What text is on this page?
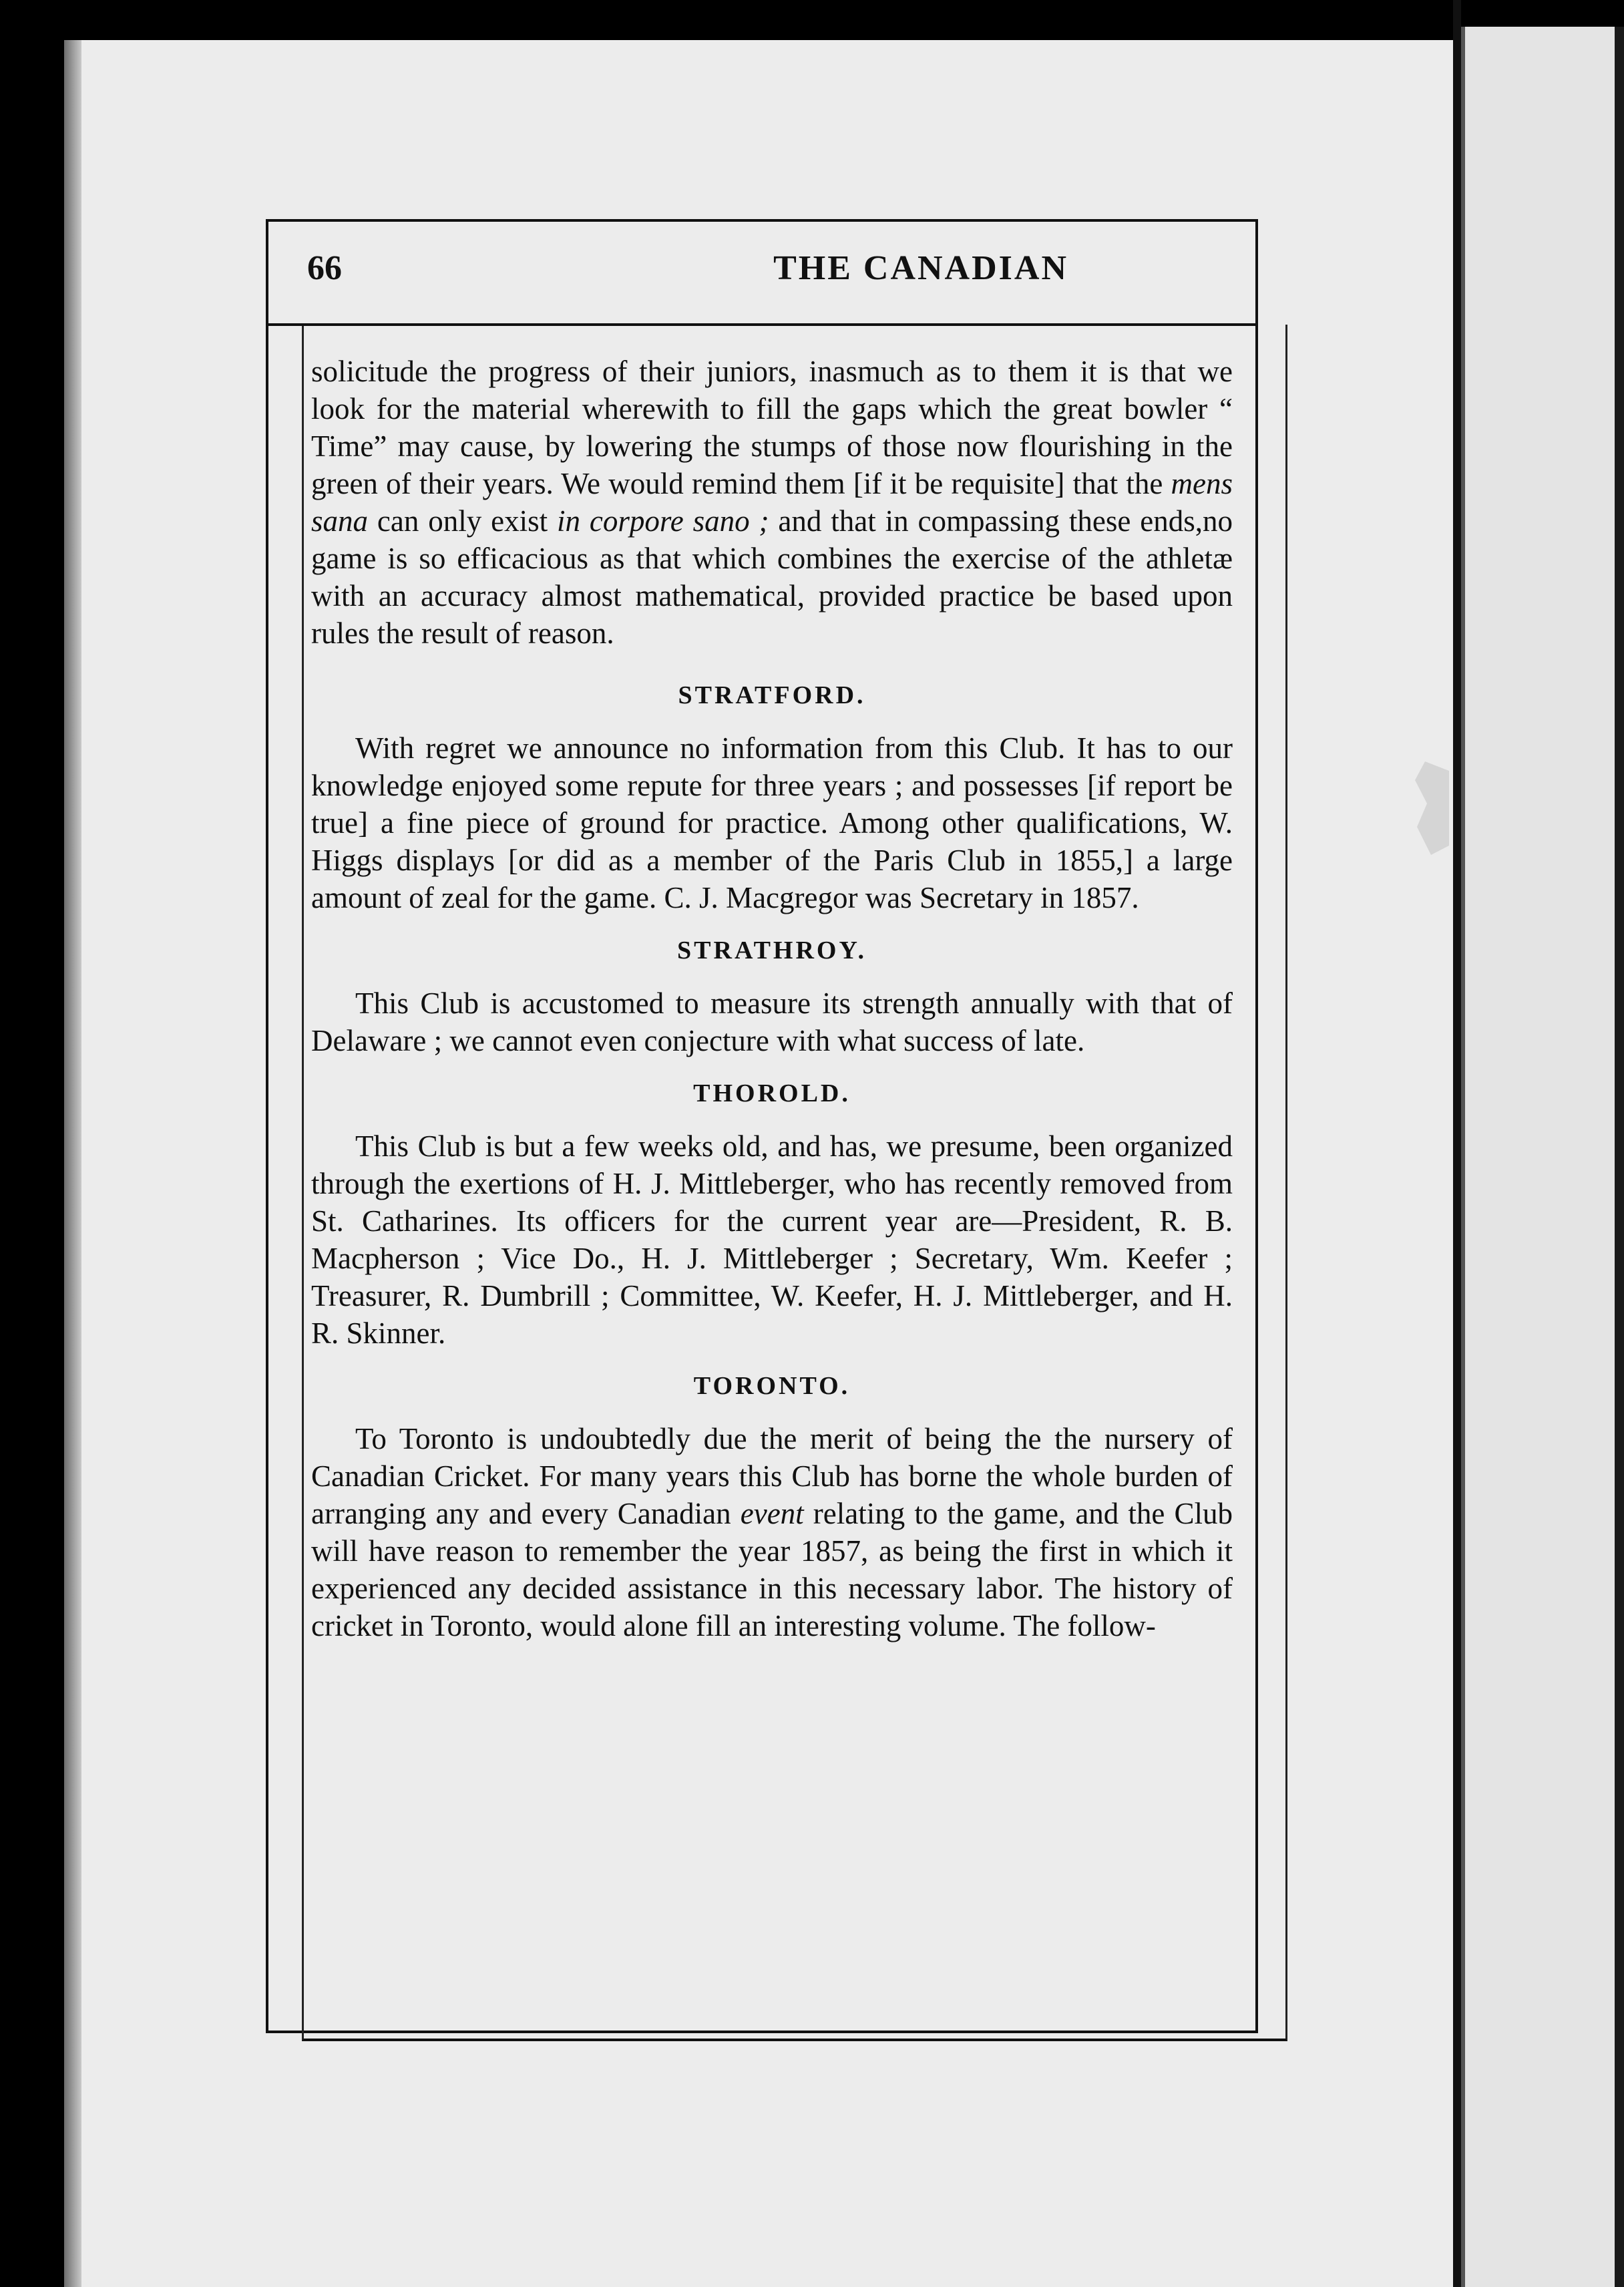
66	THE CANADIAN

solicitude the progress of their juniors, inasmuch as to them it is that we look for the material wherewith to fill the gaps which the great bowler “ Time” may cause, by lowering the stumps of those now flourishing in the green of their years. We would remind them [if it be requisite] that the mens sana can only exist in corpore sano ; and that in compassing these ends,no game is so efficacious as that which combines the exercise of the athletæ with an accuracy almost mathematical, provided practice be based upon rules the result of reason.

STRATFORD.

With regret we announce no information from this Club. It has to our knowledge enjoyed some repute for three years ; and possesses [if report be true] a fine piece of ground for practice. Among other qualifications, W. Higgs displays [or did as a member of the Paris Club in 1855,] a large amount of zeal for the game. C. J. Macgregor was Secretary in 1857.

STRATHROY.

This Club is accustomed to measure its strength annually with that of Delaware ; we cannot even conjecture with what success of late.

THOROLD.

This Club is but a few weeks old, and has, we presume, been organized through the exertions of H. J. Mittleberger, who has recently removed from St. Catharines. Its officers for the current year are—President, R. B. Macpherson ; Vice Do., H. J. Mittleberger ; Secretary, Wm. Keefer ; Treasurer, R. Dumbrill ; Committee, W. Keefer, H. J. Mittleberger, and H. R. Skinner.

TORONTO.

To Toronto is undoubtedly due the merit of being the the nursery of Canadian Cricket. For many years this Club has borne the whole burden of arranging any and every Canadian event relating to the game, and the Club will have reason to remember the year 1857, as being the first in which it experienced any decided assistance in this necessary labor. The history of cricket in Toronto, would alone fill an interesting volume. The follow-
